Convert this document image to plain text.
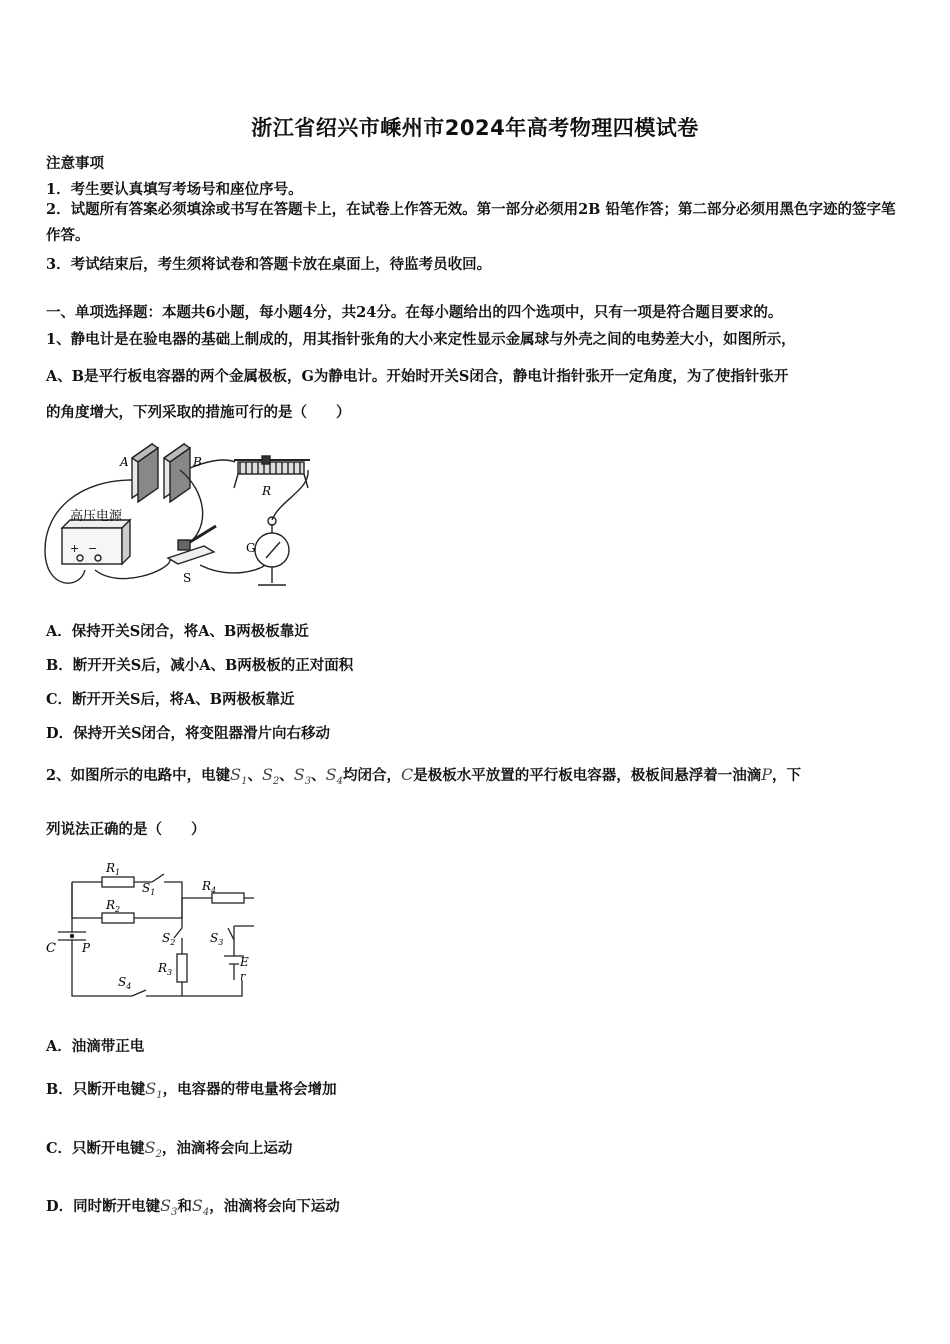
浙江省绍兴市嵊州市2024年高考物理四模试卷
注意事项
1．考生要认真填写考场号和座位序号。
2．试题所有答案必须填涂或书写在答题卡上，在试卷上作答无效。第一部分必须用2B 铅笔作答；第二部分必须用黑色字迹的签字笔作答。
3．考试结束后，考生须将试卷和答题卡放在桌面上，待监考员收回。
一、单项选择题：本题共6小题，每小题4分，共24分。在每小题给出的四个选项中，只有一项是符合题目要求的。
1、静电计是在验电器的基础上制成的，用其指针张角的大小来定性显示金属球与外壳之间的电势差大小，如图所示，
A、B是平行板电容器的两个金属极板，G为静电计。开始时开关S闭合，静电计指针张开一定角度，为了使指针张开
的角度增大，下列采取的措施可行的是（　　）
A	B
R
G
S
高压电源
+ −
A．保持开关S闭合，将A、B两极板靠近
B．断开开关S后，减小A、B两极板的正对面积
C．断开开关S后，将A、B两极板靠近
D．保持开关S闭合，将变阻器滑片向右移动
2、如图所示的电路中，电键$S_1$、$S_2$、$S_3$、$S_4$均闭合，C是极板水平放置的平行板电容器，极板间悬浮着一油滴P，下
列说法正确的是（　　）
$R_1$
$R_2$
$R_4$
$R_3$
$S_1$
$S_2$	$S_3$
$S_4$
C P
E
r
A．油滴带正电
B．只断开电键$S_1$，电容器的带电量将会增加
C．只断开电键$S_2$，油滴将会向上运动
D．同时断开电键$S_3$和$S_4$，油滴将会向下运动
